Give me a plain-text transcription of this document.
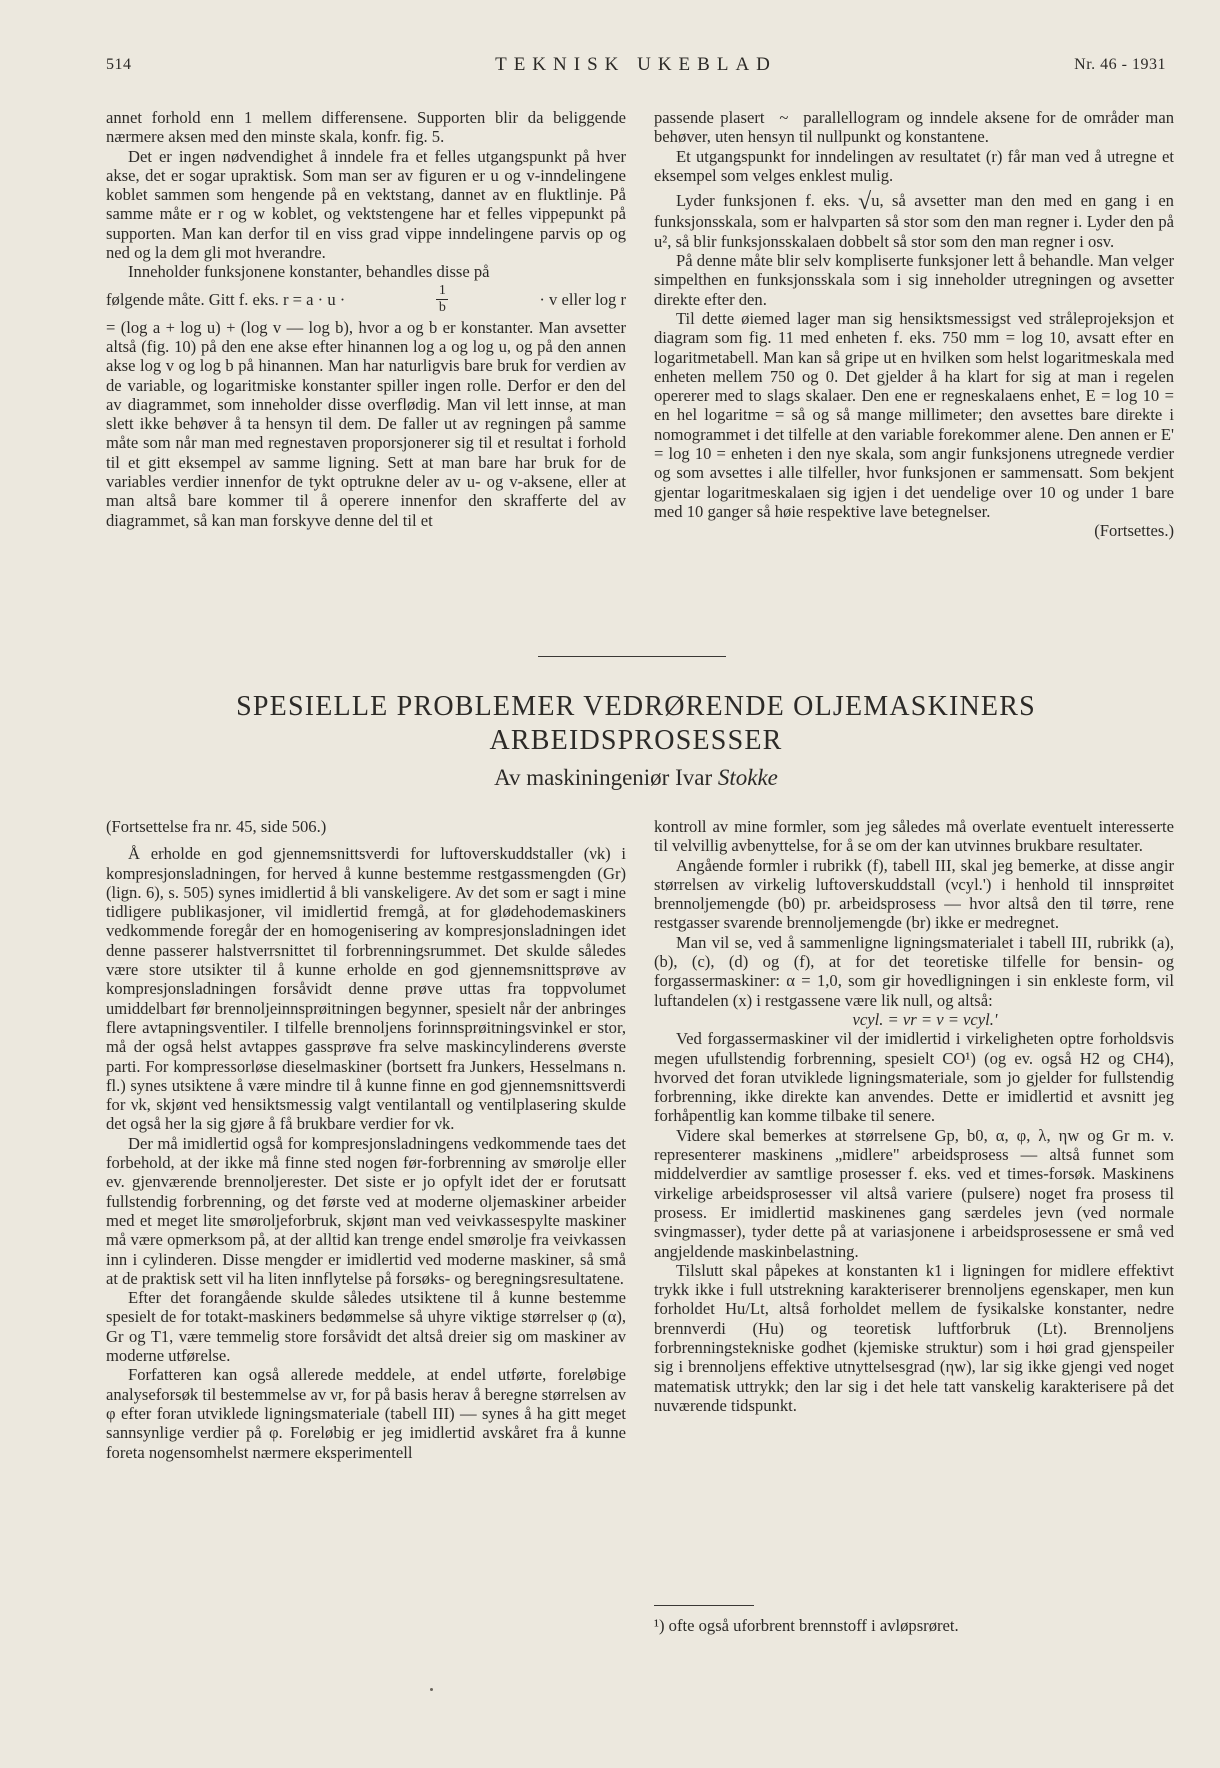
514	TEKNISK UKEBLAD	Nr. 46 - 1931

annet forhold enn 1 mellem differensene. Supporten blir da beliggende nærmere aksen med den minste skala, konfr. fig. 5.

Det er ingen nødvendighet å inndele fra et felles utgangspunkt på hver akse, det er sogar upraktisk. Som man ser av figuren er u og v-inndelingene koblet sammen som hengende på en vektstang, dannet av en fluktlinje. På samme måte er r og w koblet, og vektstengene har et felles vippepunkt på supporten. Man kan derfor til en viss grad vippe inndelingene parvis op og ned og la dem gli mot hverandre.

Inneholder funksjonene konstanter, behandles disse på

følgende måte. Gitt f. eks. r = a · u ·	$\frac{1}{b}$	· v eller log r

= (log a + log u) + (log v — log b), hvor a og b er konstanter. Man avsetter altså (fig. 10) på den ene akse efter hinannen log a og log u, og på den annen akse log v og log b på hinannen. Man har naturligvis bare bruk for verdien av de variable, og logaritmiske konstanter spiller ingen rolle. Derfor er den del av diagrammet, som inneholder disse overflødig. Man vil lett innse, at man slett ikke behøver å ta hensyn til dem. De faller ut av regningen på samme måte som når man med regnestaven proporsjonerer sig til et resultat i forhold til et gitt eksempel av samme ligning. Sett at man bare har bruk for de variables verdier innenfor de tykt optrukne deler av u- og v-aksene, eller at man altså bare kommer til å operere innenfor den skrafferte del av diagrammet, så kan man forskyve denne del til et

passende plasert ~ parallellogram og inndele aksene for de områder man behøver, uten hensyn til nullpunkt og konstantene.

Et utgangspunkt for inndelingen av resultatet (r) får man ved å utregne et eksempel som velges enklest mulig.

Lyder funksjonen f. eks. √u, så avsetter man den med en gang i en funksjonsskala, som er halvparten så stor som den man regner i. Lyder den på u², så blir funksjonsskalaen dobbelt så stor som den man regner i osv.

På denne måte blir selv kompliserte funksjoner lett å behandle. Man velger simpelthen en funksjonsskala som i sig inneholder utregningen og avsetter direkte efter den.

Til dette øiemed lager man sig hensiktsmessigst ved stråleprojeksjon et diagram som fig. 11 med enheten f. eks. 750 mm = log 10, avsatt efter en logaritmetabell. Man kan så gripe ut en hvilken som helst logaritmeskala med enheten mellem 750 og 0. Det gjelder å ha klart for sig at man i regelen opererer med to slags skalaer. Den ene er regneskalaens enhet, E = log 10 = en hel logaritme = så og så mange millimeter; den avsettes bare direkte i nomogrammet i det tilfelle at den variable forekommer alene. Den annen er E' = log 10 = enheten i den nye skala, som angir funksjonens utregnede verdier og som avsettes i alle tilfeller, hvor funksjonen er sammensatt. Som bekjent gjentar logaritmeskalaen sig igjen i det uendelige over 10 og under 1 bare med 10 ganger så høie respektive lave betegnelser.

(Fortsettes.)

SPESIELLE PROBLEMER VEDRØRENDE OLJEMASKINERS
ARBEIDSPROSESSER
Av maskiningeniør Ivar Stokke

(Fortsettelse fra nr. 45, side 506.)

Å erholde en god gjennemsnittsverdi for luftoverskuddstaller (νk) i kompresjonsladningen, for herved å kunne bestemme restgassmengden (Gr) (lign. 6), s. 505) synes imidlertid å bli vanskeligere. Av det som er sagt i mine tidligere publikasjoner, vil imidlertid fremgå, at for glødehodemaskiners vedkommende foregår der en homogenisering av kompresjonsladningen idet denne passerer halstverrsnittet til forbrenningsrummet. Det skulde således være store utsikter til å kunne erholde en god gjennemsnittsprøve av kompresjonsladningen forsåvidt denne prøve uttas fra toppvolumet umiddelbart før brennoljeinnsprøitningen begynner, spesielt når der anbringes flere avtapningsventiler. I tilfelle brennoljens forinnsprøitningsvinkel er stor, må der også helst avtappes gassprøve fra selve maskincylinderens øverste parti. For kompressorløse dieselmaskiner (bortsett fra Junkers, Hesselmans n. fl.) synes utsiktene å være mindre til å kunne finne en god gjennemsnittsverdi for νk, skjønt ved hensiktsmessig valgt ventilantall og ventilplasering skulde det også her la sig gjøre å få brukbare verdier for νk.

Der må imidlertid også for kompresjonsladningens vedkommende taes det forbehold, at der ikke må finne sted nogen før-forbrenning av smørolje eller ev. gjenværende brennoljerester. Det siste er jo opfylt idet der er forutsatt fullstendig forbrenning, og det første ved at moderne oljemaskiner arbeider med et meget lite smøroljeforbruk, skjønt man ved veivkassespylte maskiner må være opmerksom på, at der alltid kan trenge endel smørolje fra veivkassen inn i cylinderen. Disse mengder er imidlertid ved moderne maskiner, så små at de praktisk sett vil ha liten innflytelse på forsøks- og beregningsresultatene.

Efter det forangående skulde således utsiktene til å kunne bestemme spesielt de for totakt-maskiners bedømmelse så uhyre viktige størrelser φ (α), Gr og T1, være temmelig store forsåvidt det altså dreier sig om maskiner av moderne utførelse.

Forfatteren kan også allerede meddele, at endel utførte, foreløbige analyseforsøk til bestemmelse av νr, for på basis herav å beregne størrelsen av φ efter foran utviklede ligningsmateriale (tabell III) — synes å ha gitt meget sannsynlige verdier på φ. Foreløbig er jeg imidlertid avskåret fra å kunne foreta nogensomhelst nærmere eksperimentell

kontroll av mine formler, som jeg således må overlate eventuelt interesserte til velvillig avbenyttelse, for å se om der kan utvinnes brukbare resultater.

Angående formler i rubrikk (f), tabell III, skal jeg bemerke, at disse angir størrelsen av virkelig luftoverskuddstall (νcyl.') i henhold til innsprøitet brennoljemengde (b0) pr. arbeidsprosess — hvor altså den til tørre, rene restgasser svarende brennoljemengde (br) ikke er medregnet.

Man vil se, ved å sammenligne ligningsmaterialet i tabell III, rubrikk (a), (b), (c), (d) og (f), at for det teoretiske tilfelle for bensin- og forgassermaskiner: α = 1,0, som gir hovedligningen i sin enkleste form, vil luftandelen (x) i restgassene være lik null, og altså:

νcyl. = νr = ν = νcyl.'

Ved forgassermaskiner vil der imidlertid i virkeligheten optre forholdsvis megen ufullstendig forbrenning, spesielt CO¹) (og ev. også H2 og CH4), hvorved det foran utviklede ligningsmateriale, som jo gjelder for fullstendig forbrenning, ikke direkte kan anvendes. Dette er imidlertid et avsnitt jeg forhåpentlig kan komme tilbake til senere.

Videre skal bemerkes at størrelsene Gp, b0, α, φ, λ, ηw og Gr m. v. representerer maskinens „midlere" arbeidsprosess — altså funnet som middelverdier av samtlige prosesser f. eks. ved et times-forsøk. Maskinens virkelige arbeidsprosesser vil altså variere (pulsere) noget fra prosess til prosess. Er imidlertid maskinenes gang særdeles jevn (ved normale svingmasser), tyder dette på at variasjonene i arbeidsprosessene er små ved angjeldende maskinbelastning.

Tilslutt skal påpekes at konstanten k1 i ligningen for midlere effektivt trykk ikke i full utstrekning karakteriserer brennoljens egenskaper, men kun forholdet Hu/Lt, altså forholdet mellem de fysikalske konstanter, nedre brennverdi (Hu) og teoretisk luftforbruk (Lt). Brennoljens forbrenningstekniske godhet (kjemiske struktur) som i høi grad gjenspeiler sig i brennoljens effektive utnyttelsesgrad (ηw), lar sig ikke gjengi ved noget matematisk uttrykk; den lar sig i det hele tatt vanskelig karakterisere på det nuværende tidspunkt.

¹) ofte også uforbrent brennstoff i avløpsrøret.
